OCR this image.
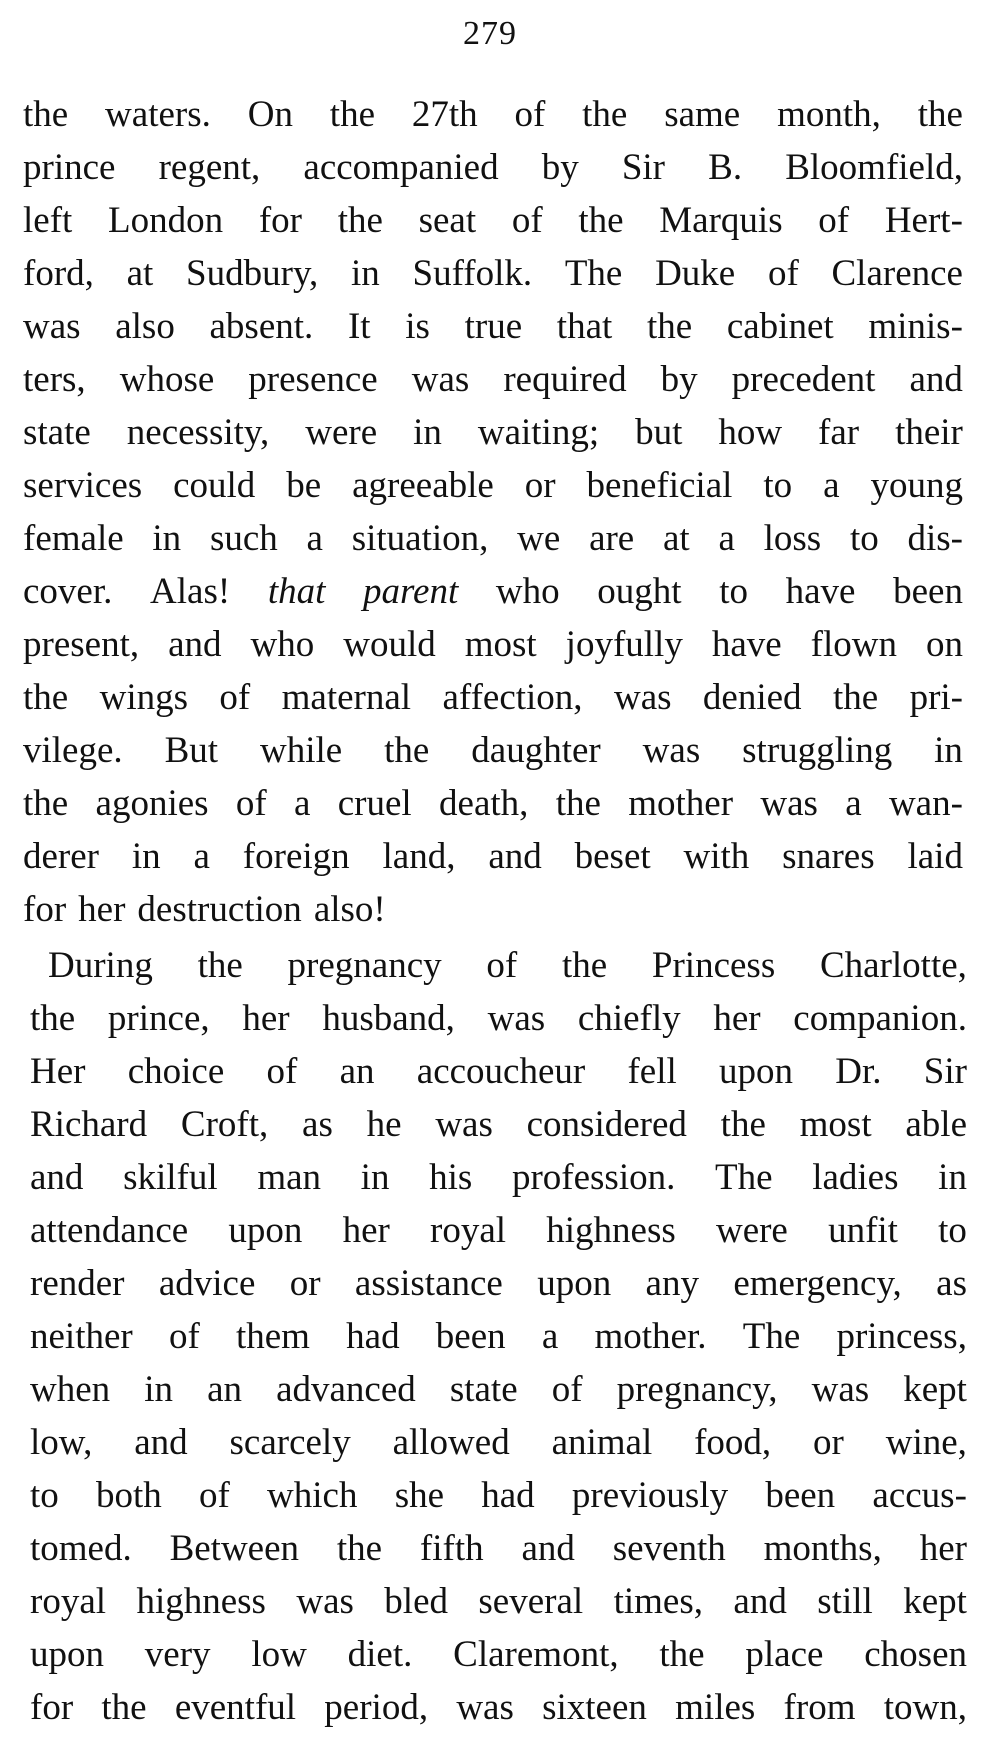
279
the waters. On the 27th of the same month, the
prince regent, accompanied by Sir B. Bloomfield,
left London for the seat of the Marquis of Hert-
ford, at Sudbury, in Suffolk. The Duke of Clarence
was also absent. It is true that the cabinet minis-
ters, whose presence was required by precedent and
state necessity, were in waiting; but how far their
services could be agreeable or beneficial to a young
female in such a situation, we are at a loss to dis-
cover. Alas! that parent who ought to have been
present, and who would most joyfully have flown on
the wings of maternal affection, was denied the pri-
vilege. But while the daughter was struggling in
the agonies of a cruel death, the mother was a wan-
derer in a foreign land, and beset with snares laid
for her destruction also!
During the pregnancy of the Princess Charlotte,
the prince, her husband, was chiefly her companion.
Her choice of an accoucheur fell upon Dr. Sir
Richard Croft, as he was considered the most able
and skilful man in his profession. The ladies in
attendance upon her royal highness were unfit to
render advice or assistance upon any emergency, as
neither of them had been a mother. The princess,
when in an advanced state of pregnancy, was kept
low, and scarcely allowed animal food, or wine,
to both of which she had previously been accus-
tomed. Between the fifth and seventh months, her
royal highness was bled several times, and still kept
upon very low diet. Claremont, the place chosen
for the eventful period, was sixteen miles from town,
